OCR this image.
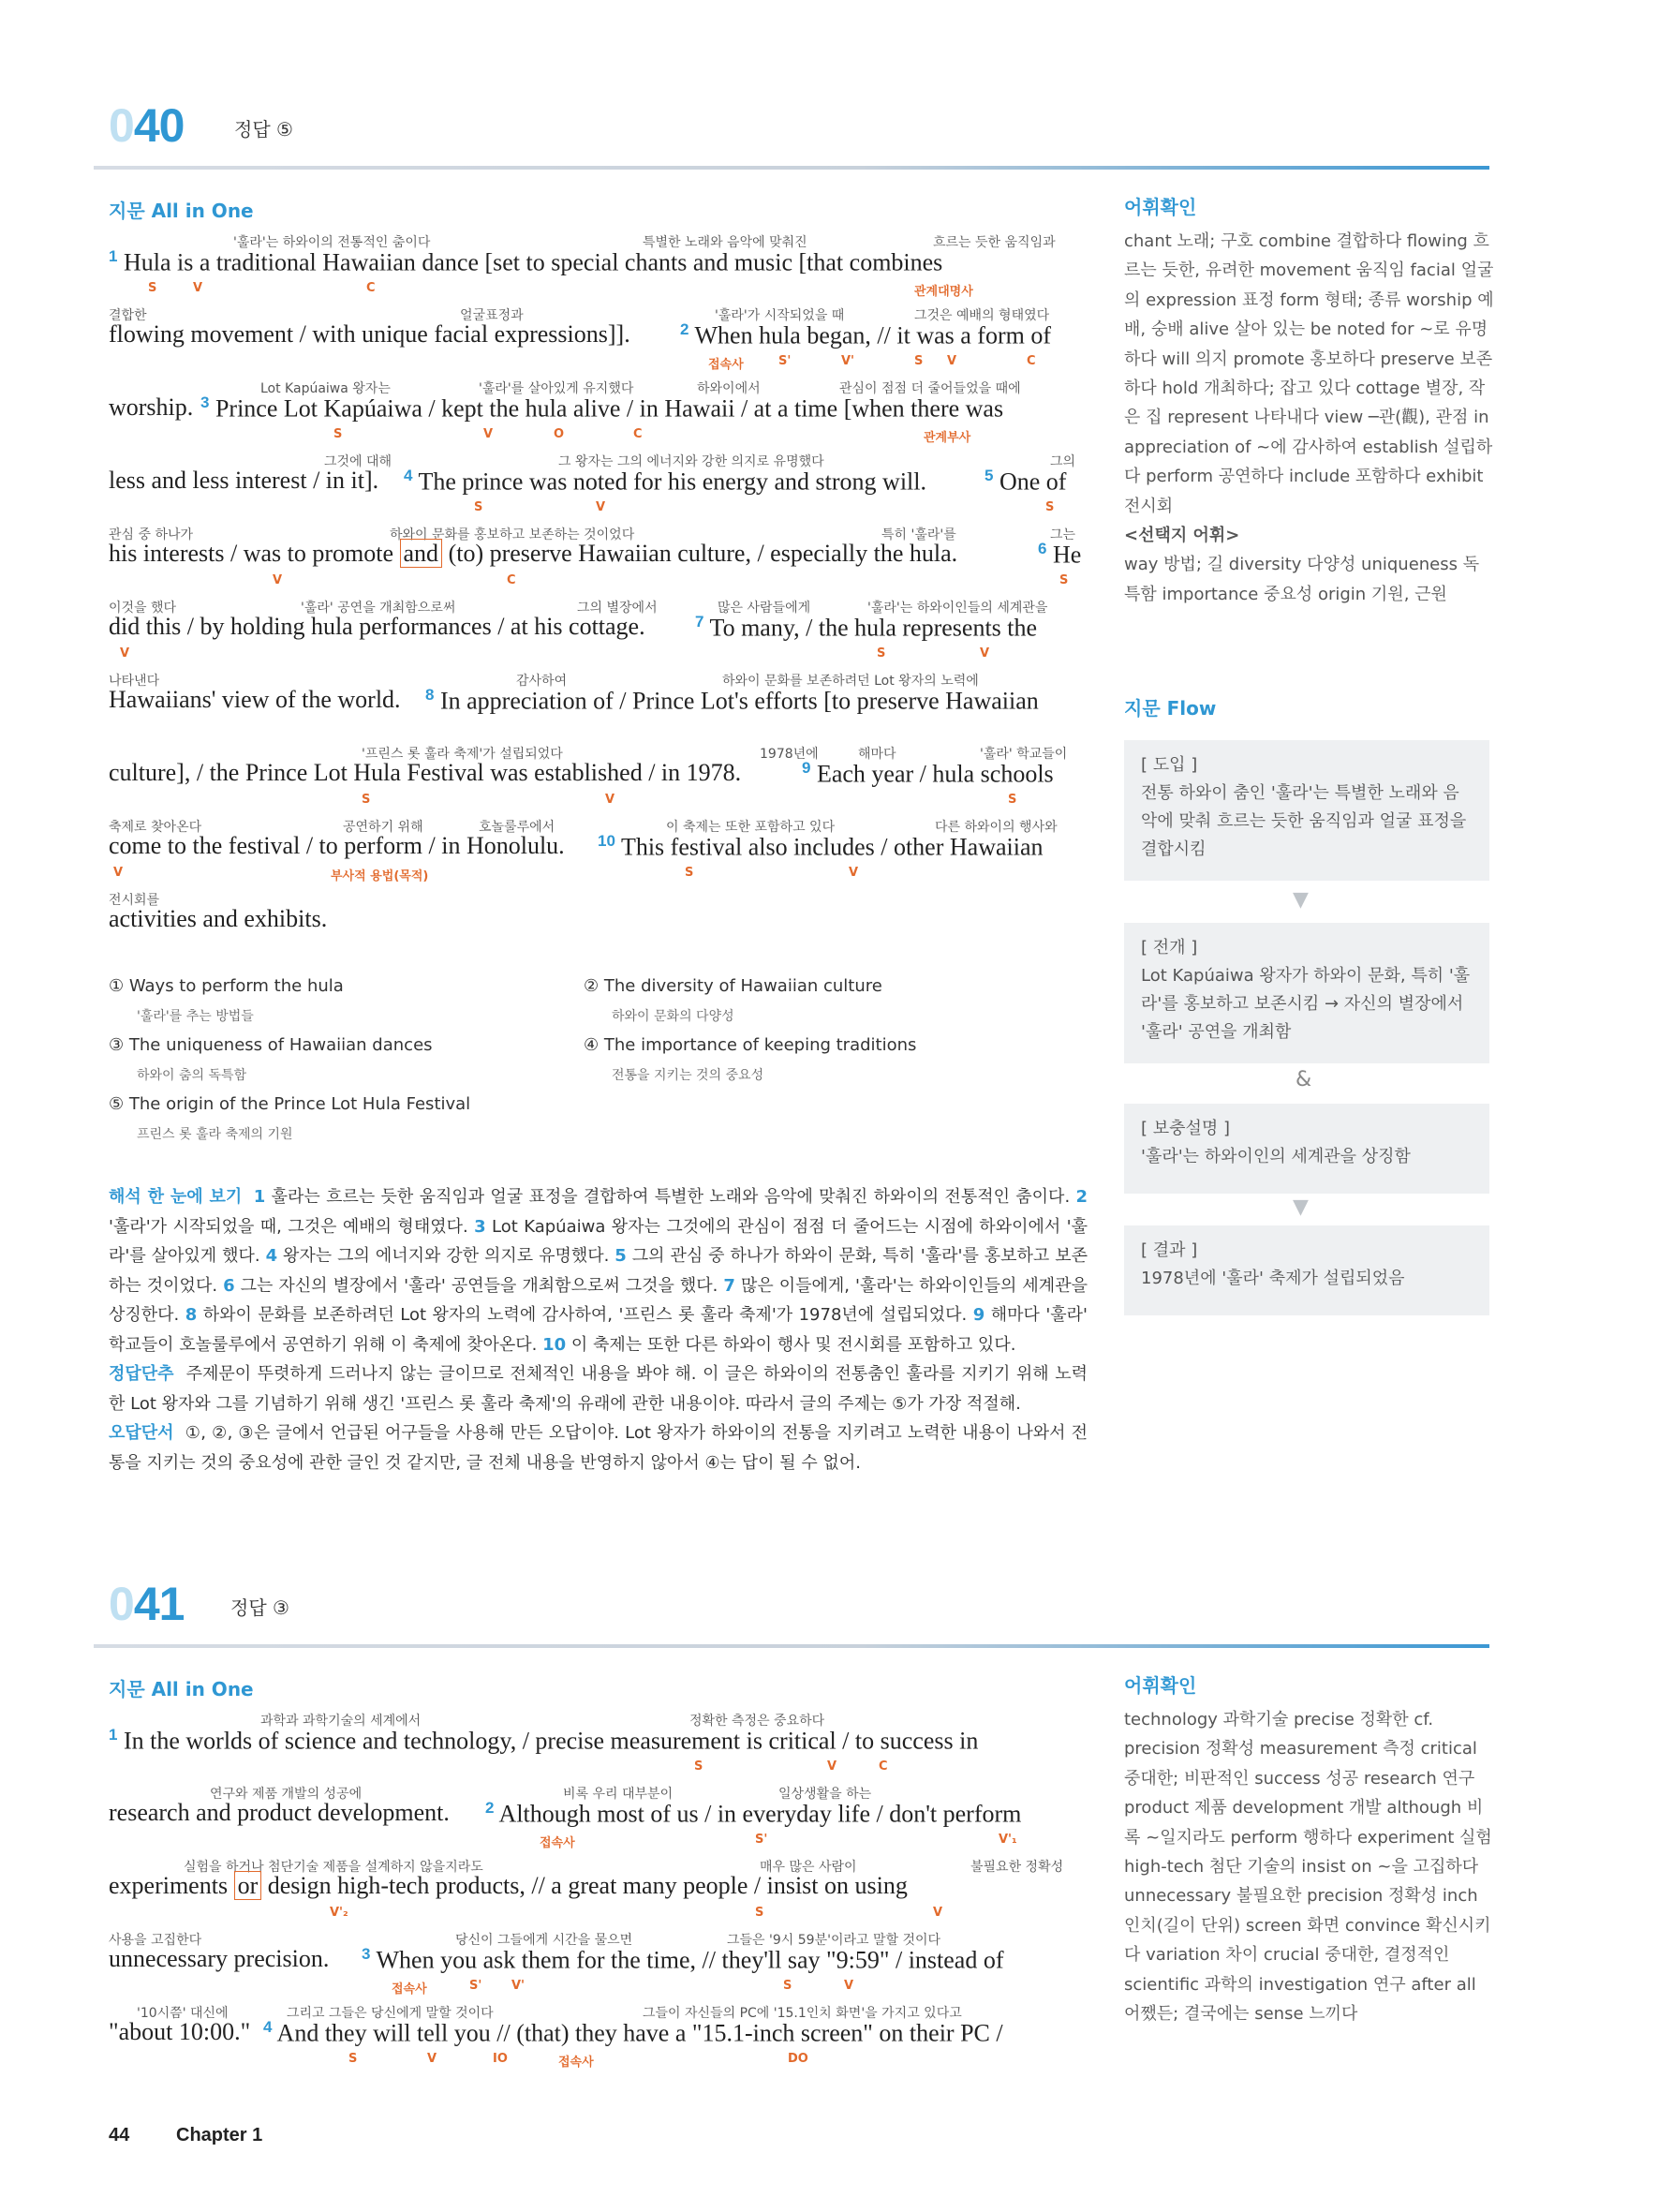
040	정답 ⑤
지문 All in One
'훌라'는 하와이의 전통적인 춤이다	특별한 노래와 음악에 맞춰진	흐르는 듯한 움직임과
$^1$ Hula is a traditional Hawaiian dance [set to special chants and music [that combines
S	V	C	관계대명사
결합한	얼굴표정과	'훌라'가 시작되었을 때	그것은 예배의 형태였다
flowing movement / with unique facial expressions]].	$^2$ When hula began, // it was a form of
접속사	S'	V'	S V	C
Lot Kapúaiwa 왕자는	'훌라'를 살아있게 유지했다	하와이에서	관심이 점점 더 줄어들었을 때에
worship. $^3$ Prince Lot Kapúaiwa / kept the hula alive / in Hawaii / at a time [when there was
S	V	O	C	관계부사
그것에 대해	그 왕자는 그의 에너지와 강한 의지로 유명했다	그의
less and less interest / in it]. $^4$ The prince was noted for his energy and strong will.	$^5$ One of
S	V	S
관심 중 하나가	하와이 문화를 홍보하고 보존하는 것이었다	특히 '훌라'를	그는
his interests / was to promote and (to) preserve Hawaiian culture, / especially the hula.	$^6$ He
V	C	S
이것을 했다	'훌라' 공연을 개최함으로써	그의 별장에서	많은 사람들에게	'훌라'는 하와이인들의 세계관을
did this / by holding hula performances / at his cottage.	$^7$ To many, / the hula represents the
V	S	V
나타낸다	감사하여	하와이 문화를 보존하려던 Lot 왕자의 노력에
Hawaiians' view of the world. $^8$ In appreciation of / Prince Lot's efforts [to preserve Hawaiian
'프린스 롯 훌라 축제'가 설립되었다	1978년에	해마다	'훌라' 학교들이
culture], / the Prince Lot Hula Festival was established / in 1978.	$^9$ Each year / hula schools
S	V	S
축제로 찾아온다	공연하기 위해	호놀룰루에서	이 축제는 또한 포함하고 있다	다른 하와이의 행사와
come to the festival / to perform / in Honolulu. $^{10}$ This festival also includes / other Hawaiian
V	부사적 용법(목적)	S	V
전시회를
activities and exhibits.
① Ways to perform the hula
'훌라'를 추는 방법들
② The diversity of Hawaiian culture
하와이 문화의 다양성
③ The uniqueness of Hawaiian dances
하와이 춤의 독특함
④ The importance of keeping traditions
전통을 지키는 것의 중요성
⑤ The origin of the Prince Lot Hula Festival
프린스 롯 훌라 축제의 기원
해석 한 눈에 보기 1 훌라는 흐르는 듯한 움직임과 얼굴 표정을 결합하여 특별한 노래와 음악에 맞춰진 하와이의 전통적인 춤이다. 2 '훌라'가 시작되었을 때, 그것은 예배의 형태였다. 3 Lot Kapúaiwa 왕자는 그것에의 관심이 점점 더 줄어드는 시점에 하와이에서 '훌라'를 살아있게 했다. 4 왕자는 그의 에너지와 강한 의지로 유명했다. 5 그의 관심 중 하나가 하와이 문화, 특히 '훌라'를 홍보하고 보존하는 것이었다. 6 그는 자신의 별장에서 '훌라' 공연들을 개최함으로써 그것을 했다. 7 많은 이들에게, '훌라'는 하와이인들의 세계관을 상징한다. 8 하와이 문화를 보존하려던 Lot 왕자의 노력에 감사하여, '프린스 롯 훌라 축제'가 1978년에 설립되었다. 9 해마다 '훌라' 학교들이 호놀룰루에서 공연하기 위해 이 축제에 찾아온다. 10 이 축제는 또한 다른 하와이 행사 및 전시회를 포함하고 있다.
정답단추 주제문이 뚜렷하게 드러나지 않는 글이므로 전체적인 내용을 봐야 해. 이 글은 하와이의 전통춤인 훌라를 지키기 위해 노력한 Lot 왕자와 그를 기념하기 위해 생긴 '프린스 롯 훌라 축제'의 유래에 관한 내용이야. 따라서 글의 주제는 ⑤가 가장 적절해.
오답단서 ①, ②, ③은 글에서 언급된 어구들을 사용해 만든 오답이야. Lot 왕자가 하와이의 전통을 지키려고 노력한 내용이 나와서 전통을 지키는 것의 중요성에 관한 글인 것 같지만, 글 전체 내용을 반영하지 않아서 ④는 답이 될 수 없어.
어휘확인
chant 노래; 구호 combine 결합하다 flowing 흐르는 듯한, 유려한 movement 움직임 facial 얼굴의 expression 표정 form 형태; 종류 worship 예배, 숭배 alive 살아 있는 be noted for ~로 유명하다 will 의지 promote 홍보하다 preserve 보존하다 hold 개최하다; 잡고 있다 cottage 별장, 작은 집 represent 나타내다 view ─관(觀), 관점 in appreciation of ~에 감사하여 establish 설립하다 perform 공연하다 include 포함하다 exhibit 전시회
<선택지 어휘>
way 방법; 길 diversity 다양성 uniqueness 독특함 importance 중요성 origin 기원, 근원
지문 Flow
[ 도입 ]
전통 하와이 춤인 '훌라'는 특별한 노래와 음악에 맞춰 흐르는 듯한 움직임과 얼굴 표정을 결합시킴
▼
[ 전개 ]
Lot Kapúaiwa 왕자가 하와이 문화, 특히 '훌라'를 홍보하고 보존시킴 → 자신의 별장에서 '훌라' 공연을 개최함
&
[ 보충설명 ]
'훌라'는 하와이인의 세계관을 상징함
▼
[ 결과 ]
1978년에 '훌라' 축제가 설립되었음
041 정답 ③
지문 All in One
과학과 과학기술의 세계에서	정확한 측정은 중요하다
$^1$ In the worlds of science and technology, / precise measurement is critical / to success in
S	V	C
연구와 제품 개발의 성공에	비록 우리 대부분이	일상생활을 하는
research and product development. $^2$ Although most of us / in everyday life / don't perform
접속사	S'	V'₁
실험을 하거나 첨단기술 제품을 설계하지 않을지라도	매우 많은 사람이	불필요한 정확성
experiments or design high-tech products, // a great many people / insist on using
V'₂	S	V
사용을 고집한다	당신이 그들에게 시간을 물으면	그들은 '9시 59분'이라고 말할 것이다
unnecessary precision. $^3$ When you ask them for the time, // they'll say "9:59" / instead of
접속사	S' V'	S	V
'10시쯤' 대신에	그리고 그들은 당신에게 말할 것이다	그들이 자신들의 PC에 '15.1인치 화면'을 가지고 있다고
"about 10:00." $^4$ And they will tell you // (that) they have a "15.1-inch screen" on their PC /
S	V	IO	접속사	DO
어휘확인
technology 과학기술 precise 정확한 cf. precision 정확성 measurement 측정 critical 중대한; 비판적인 success 성공 research 연구 product 제품 development 개발 although 비록 ~일지라도 perform 행하다 experiment 실험 high-tech 첨단 기술의 insist on ~을 고집하다 unnecessary 불필요한 precision 정확성 inch 인치(길이 단위) screen 화면 convince 확신시키다 variation 차이 crucial 중대한, 결정적인 scientific 과학의 investigation 연구 after all 어쨌든; 결국에는 sense 느끼다
44 Chapter 1
